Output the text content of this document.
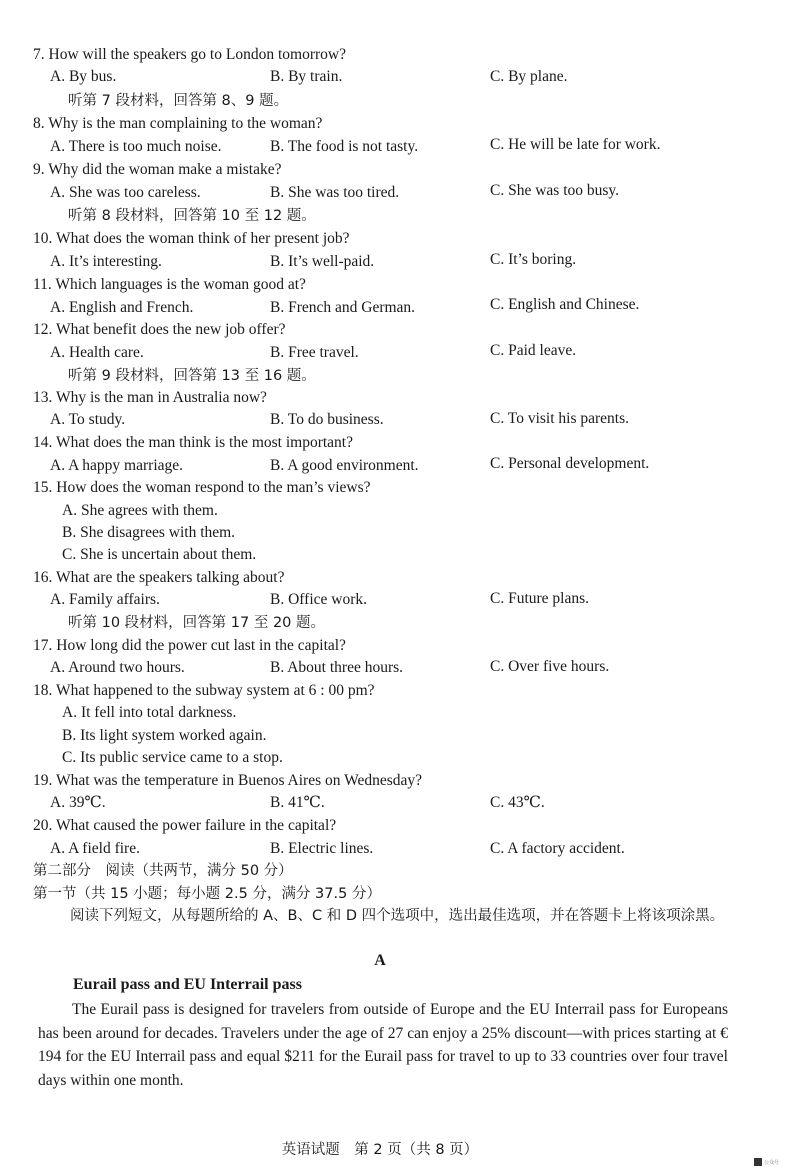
7. How will the speakers go to London tomorrow?
A. By bus.	B. By train.	C. By plane.
听第 7 段材料，回答第 8、9 题。
8. Why is the man complaining to the woman?
A. There is too much noise.	B. The food is not tasty.	C. He will be late for work.
9. Why did the woman make a mistake?
A. She was too careless.	B. She was too tired.	C. She was too busy.
听第 8 段材料，回答第 10 至 12 题。
10. What does the woman think of her present job?
A. It’s interesting.	B. It’s well-paid.	C. It’s boring.
11. Which languages is the woman good at?
A. English and French.	B. French and German.	C. English and Chinese.
12. What benefit does the new job offer?
A. Health care.	B. Free travel.	C. Paid leave.
听第 9 段材料，回答第 13 至 16 题。
13. Why is the man in Australia now?
A. To study.	B. To do business.	C. To visit his parents.
14. What does the man think is the most important?
A. A happy marriage.	B. A good environment.	C. Personal development.
15. How does the woman respond to the man’s views?
A. She agrees with them.
B. She disagrees with them.
C. She is uncertain about them.
16. What are the speakers talking about?
A. Family affairs.	B. Office work.	C. Future plans.
听第 10 段材料，回答第 17 至 20 题。
17. How long did the power cut last in the capital?
A. Around two hours.	B. About three hours.	C. Over five hours.
18. What happened to the subway system at 6 : 00 pm?
A. It fell into total darkness.
B. Its light system worked again.
C. Its public service came to a stop.
19. What was the temperature in Buenos Aires on Wednesday?
A. 39℃.	B. 41℃.	C. 43℃.
20. What caused the power failure in the capital?
A. A field fire.	B. Electric lines.	C. A factory accident.
第二部分　阅读（共两节，满分 50 分）
第一节（共 15 小题；每小题 2.5 分，满分 37.5 分）
阅读下列短文，从每题所给的 A、B、C 和 D 四个选项中，选出最佳选项，并在答题卡上将该项涂黑。
A
Eurail pass and EU Interrail pass
The Eurail pass is designed for travelers from outside of Europe and the EU Interrail pass for Europeans has been around for decades. Travelers under the age of 27 can enjoy a 25% discount—with prices starting at € 194 for the EU Interrail pass and equal $211 for the Eurail pass for travel to up to 33 countries over four travel days within one month.
英语试题　第 2 页（共 8 页）
公众号
